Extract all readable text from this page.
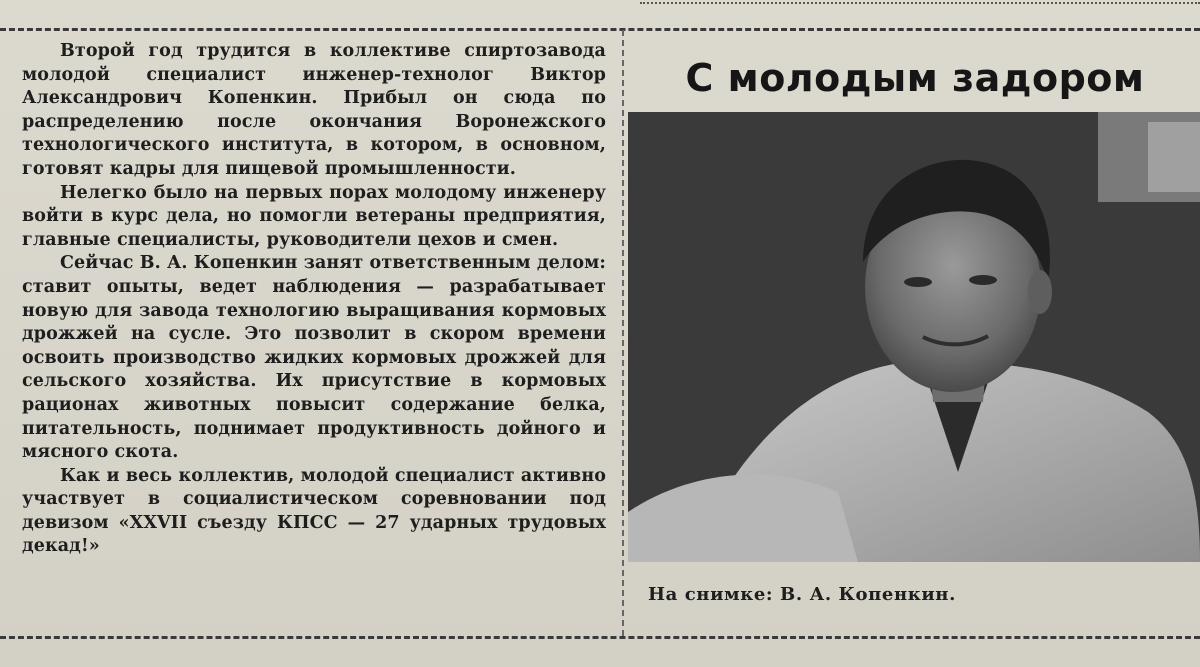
Второй год трудится в коллективе спиртозавода молодой специалист инженер-технолог Виктор Александрович Копенкин. Прибыл он сюда по распределению после окончания Воронежского технологического института, в котором, в основном, готовят кадры для пищевой промышленности.

Нелегко было на первых порах молодому инженеру войти в курс дела, но помогли ветераны предприятия, главные специалисты, руководители цехов и смен.

Сейчас В. А. Копенкин занят ответственным делом: ставит опыты, ведет наблюдения — разрабатывает новую для завода технологию выращивания кормовых дрожжей на сусле. Это позволит в скором времени освоить производство жидких кормовых дрожжей для сельского хозяйства. Их присутствие в кормовых рационах животных повысит содержание белка, питательность, поднимает продуктивность дойного и мясного скота.

Как и весь коллектив, молодой специалист активно участвует в социалистическом соревновании под девизом «XXVII съезду КПСС — 27 ударных трудовых декад!»

С молодым задором
На снимке: В. А. Копенкин.
